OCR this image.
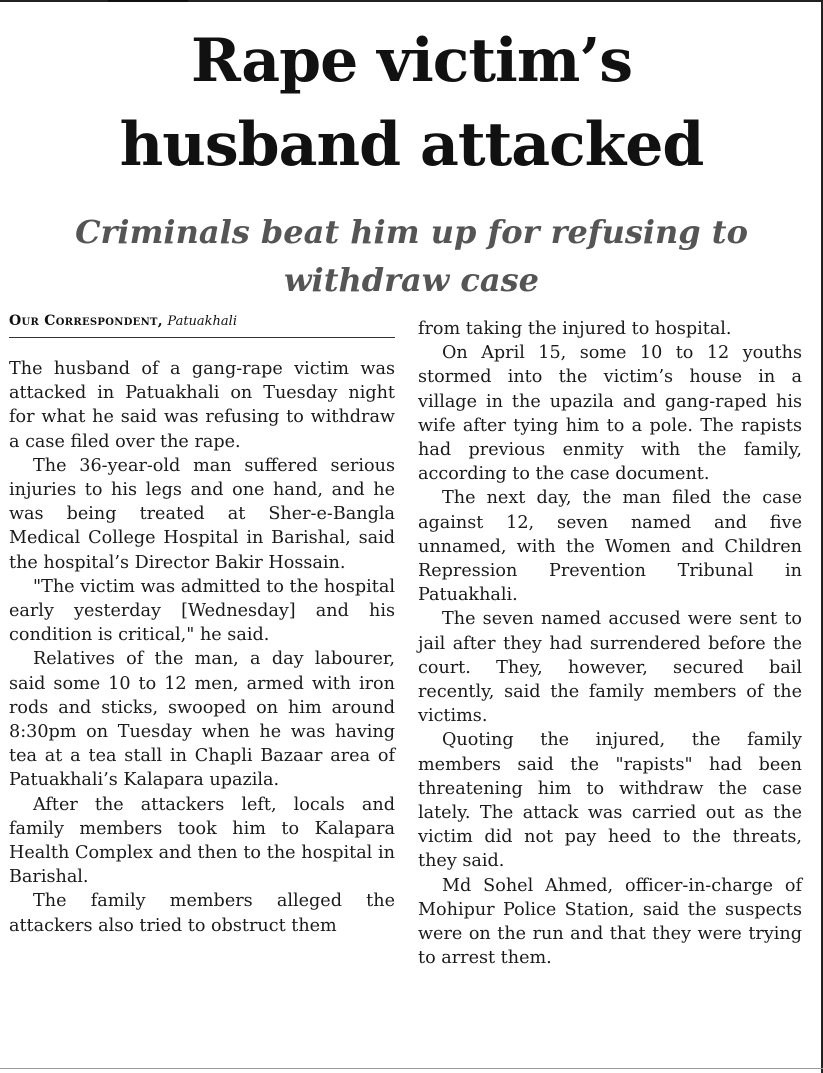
Rape victim’s
husband attacked
Criminals beat him up for refusing to
withdraw case
Our Correspondent, Patuakhali

The husband of a gang-rape victim was attacked in Patuakhali on Tuesday night for what he said was refusing to withdraw a case filed over the rape.

The 36-year-old man suffered serious injuries to his legs and one hand, and he was being treated at Sher-e-Bangla Medical College Hospital in Barishal, said the hospital’s Director Bakir Hossain.

"The victim was admitted to the hospital early yesterday [Wednesday] and his condition is critical," he said.

Relatives of the man, a day labourer, said some 10 to 12 men, armed with iron rods and sticks, swooped on him around 8:30pm on Tuesday when he was having tea at a tea stall in Chapli Bazaar area of Patuakhali’s Kalapara upazila.

After the attackers left, locals and family members took him to Kalapara Health Complex and then to the hospital in Barishal.

The family members alleged the attackers also tried to obstruct them

from taking the injured to hospital.

On April 15, some 10 to 12 youths stormed into the victim’s house in a village in the upazila and gang-raped his wife after tying him to a pole. The rapists had previous enmity with the family, according to the case document.

The next day, the man filed the case against 12, seven named and five unnamed, with the Women and Children Repression Prevention Tribunal in Patuakhali.

The seven named accused were sent to jail after they had surrendered before the court. They, however, secured bail recently, said the family members of the victims.

Quoting the injured, the family members said the "rapists" had been threatening him to withdraw the case lately. The attack was carried out as the victim did not pay heed to the threats, they said.

Md Sohel Ahmed, officer-in-charge of Mohipur Police Station, said the suspects were on the run and that they were trying to arrest them.
